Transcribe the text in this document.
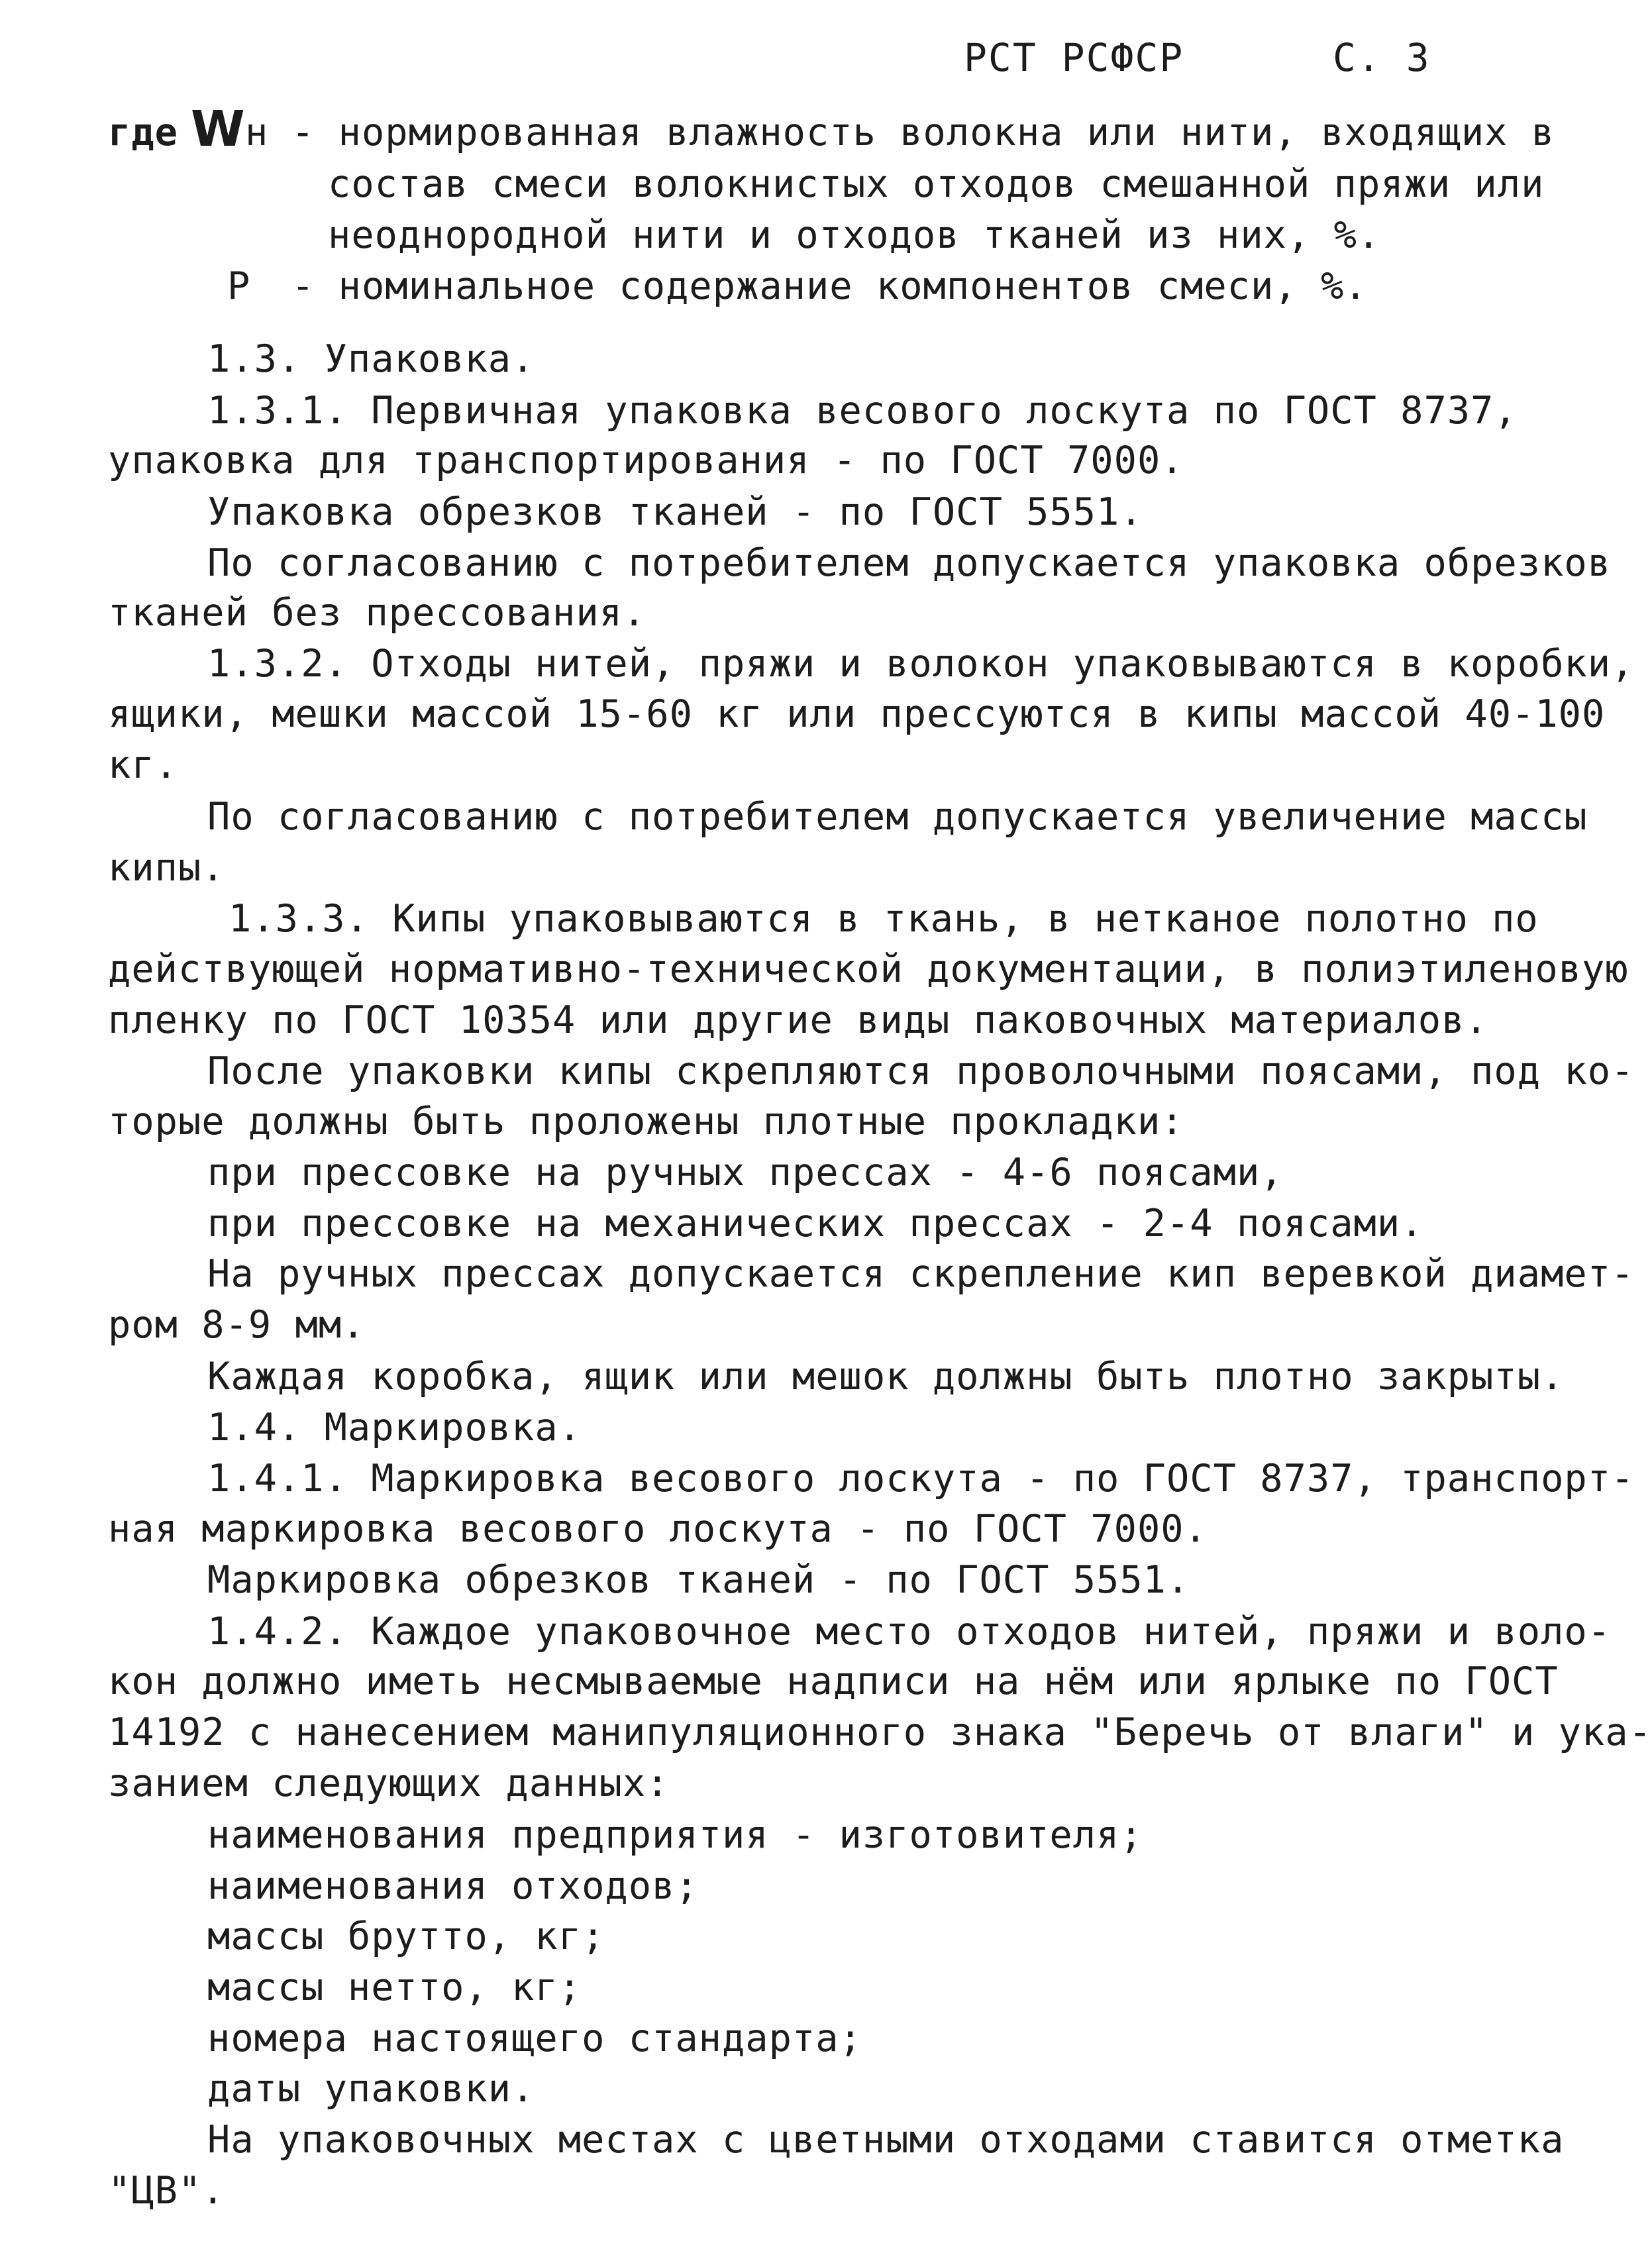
РСТ РСФСР	С. 3
где W н - нормированная влажность волокна или нити, входящих в
состав смеси волокнистых отходов смешанной пряжи или
неоднородной нити и отходов тканей из них, %.
Р - номинальное содержание компонентов смеси, %.
1.3. Упаковка.
1.3.1. Первичная упаковка весового лоскута по ГОСТ 8737,
упаковка для транспортирования - по ГОСТ 7000.
Упаковка обрезков тканей - по ГОСТ 5551.
По согласованию с потребителем допускается упаковка обрезков
тканей без прессования.
1.3.2. Отходы нитей, пряжи и волокон упаковываются в коробки,
ящики, мешки массой 15-60 кг или прессуются в кипы массой 40-100
кг.
По согласованию с потребителем допускается увеличение массы
кипы.
1.3.3. Кипы упаковываются в ткань, в нетканое полотно по
действующей нормативно-технической документации, в полиэтиленовую
пленку по ГОСТ 10354 или другие виды паковочных материалов.
После упаковки кипы скрепляются проволочными поясами, под ко-
торые должны быть проложены плотные прокладки:
при прессовке на ручных прессах - 4-6 поясами,
при прессовке на механических прессах - 2-4 поясами.
На ручных прессах допускается скрепление кип веревкой диамет-
ром 8-9 мм.
Каждая коробка, ящик или мешок должны быть плотно закрыты.
1.4. Маркировка.
1.4.1. Маркировка весового лоскута - по ГОСТ 8737, транспорт-
ная маркировка весового лоскута - по ГОСТ 7000.
Маркировка обрезков тканей - по ГОСТ 5551.
1.4.2. Каждое упаковочное место отходов нитей, пряжи и воло-
кон должно иметь несмываемые надписи на нём или ярлыке по ГОСТ
14192 с нанесением манипуляционного знака "Беречь от влаги" и ука-
занием следующих данных:
наименования предприятия - изготовителя;
наименования отходов;
массы брутто, кг;
массы нетто, кг;
номера настоящего стандарта;
даты упаковки.
На упаковочных местах с цветными отходами ставится отметка
"ЦВ".
